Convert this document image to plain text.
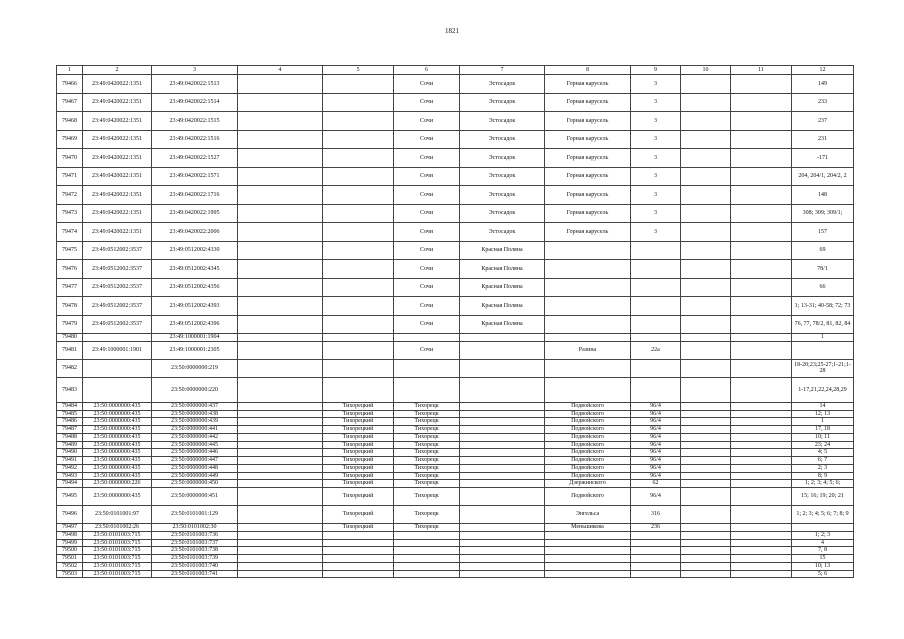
1821
1	2	3	4	5	6	7	8	9	10	11	12
79466	23:49:0420022:1351	23:49:0420022:1513			Сочи	Эстосадок	Горная карусель	3			149
79467	23:49:0420022:1351	23:49:0420022:1514			Сочи	Эстосадок	Горная карусель	3			233
79468	23:49:0420022:1351	23:49:0420022:1515			Сочи	Эстосадок	Горная карусель	3			237
79469	23:49:0420022:1351	23:49:0420022:1516			Сочи	Эстосадок	Горная карусель	3			231
79470	23:49:0420022:1351	23:49:0420022:1527			Сочи	Эстосадок	Горная карусель	3			-171
79471	23:49:0420022:1351	23:49:0420022:1571			Сочи	Эстосадок	Горная карусель	3			204, 204/1, 204/2, 2
79472	23:49:0420022:1351	23:49:0420022:1716			Сочи	Эстосадок	Горная карусель	3			148
79473	23:49:0420022:1351	23:49:0420022:1995			Сочи	Эстосадок	Горная карусель	3			308; 309; 309/1;
79474	23:49:0420022:1351	23:49:0420022:2006			Сочи	Эстосадок	Горная карусель	3			157
79475	23:49:0512002:3537	23:49:0512002:4330			Сочи	Красная Поляна					69
79476	23:49:0512002:3537	23:49:0512002:4345			Сочи	Красная Поляна					78/1
79477	23:49:0512002:3537	23:49:0512002:4356			Сочи	Красная Поляна					66
79478	23:49:0512002:3537	23:49:0512002:4393			Сочи	Красная Поляна					1; 13-31; 40-58; 72; 73
79479	23:49:0512002:3537	23:49:0512002:4396			Сочи	Красная Поляна					76, 77, 78/2, 81, 82, 84
79480		23:49:1000001:1904									1
79481	23:49:1000001:1901	23:49:1000001:2305			Сочи		Разина	22а			
79482		23:50:0000000:219									18-20;23;25-27;1-21;1-28
79483		23:50:0000000:220									1-17,21,22,24,28,29
79484	23:50:0000000:435	23:50:0000000:437		Тихорецкий	Тихорецк		Подвойского	96/4			14
79485	23:50:0000000:435	23:50:0000000:438		Тихорецкий	Тихорецк		Подвойского	96/4			12; 13
79486	23:50:0000000:435	23:50:0000000:439		Тихорецкий	Тихорецк		Подвойского	96/4			1
79487	23:50:0000000:435	23:50:0000000:441		Тихорецкий	Тихорецк		Подвойского	96/4			17, 18
79488	23:50:0000000:435	23:50:0000000:442		Тихорецкий	Тихорецк		Подвойского	96/4			10; 11
79489	23:50:0000000:435	23:50:0000000:445		Тихорецкий	Тихорецк		Подвойского	96/4			23; 24
79490	23:50:0000000:435	23:50:0000000:446		Тихорецкий	Тихорецк		Подвойского	96/4			4; 5
79491	23:50:0000000:435	23:50:0000000:447		Тихорецкий	Тихорецк		Подвойского	96/4			6; 7
79492	23:50:0000000:435	23:50:0000000:448		Тихорецкий	Тихорецк		Подвойского	96/4			2; 3
79493	23:50:0000000:435	23:50:0000000:449		Тихорецкий	Тихорецк		Подвойского	96/4			8; 9
79494	23:50:0000000:226	23:50:0000000:450		Тихорецкий	Тихорецк		Дзержинского	62			1; 2; 3; 4; 5; 6;
79495	23:50:0000000:435	23:50:0000000:451		Тихорецкий	Тихорецк		Подвойского	96/4			15; 16; 19; 20; 21
79496	23:50:0101001:97	23:50:0101001:129		Тихорецкий	Тихорецк		Энгельса	316			1; 2; 3; 4; 5; 6; 7; 8; 9
79497	23:50:0101002:26	23:50:0101002:30		Тихорецкий	Тихорецк		Меньшикова	236			
79498	23:50:0101003:715	23:50:0101003:736									1; 2; 3
79499	23:50:0101003:715	23:50:0101003:737									4
79500	23:50:0101003:715	23:50:0101003:738									7, 8
79501	23:50:0101003:715	23:50:0101003:739									15
79502	23:50:0101003:715	23:50:0101003:740									10; 13
79503	23:50:0101003:715	23:50:0101003:741									5; 6
